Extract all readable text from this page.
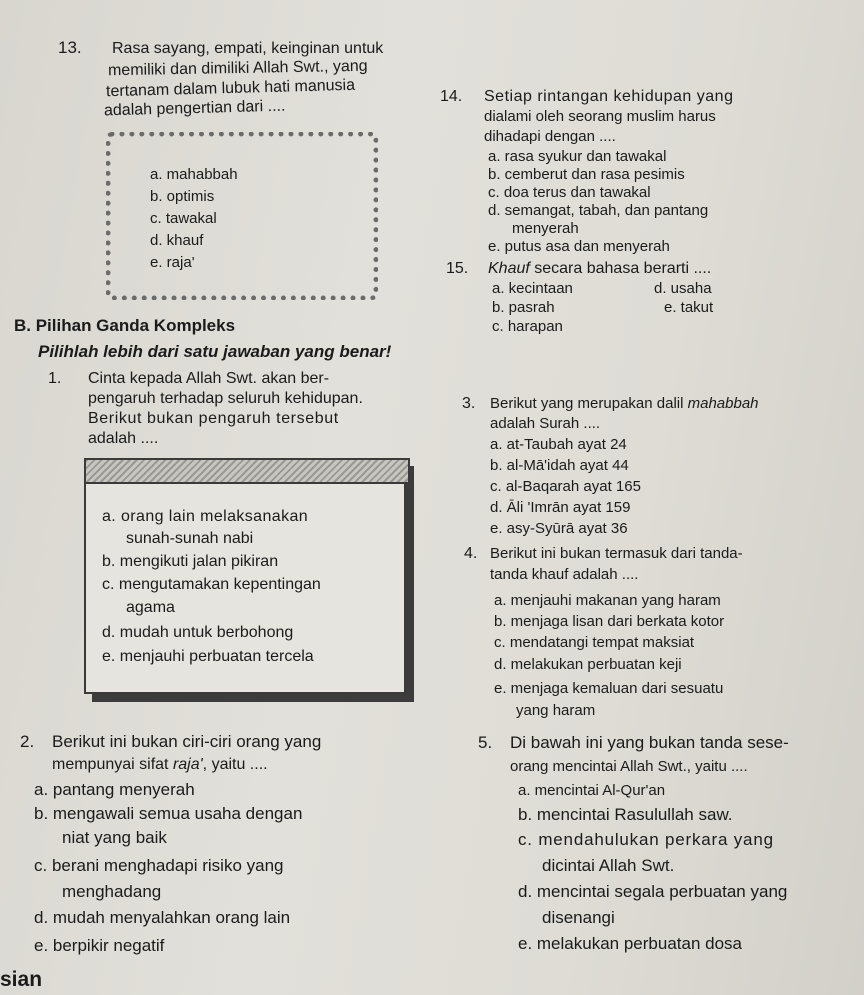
13. Rasa sayang, empati, keinginan untuk
memiliki dan dimiliki Allah Swt., yang
tertanam dalam lubuk hati manusia
adalah pengertian dari ....
a. mahabbah
b. optimis
c. tawakal
d. khauf
e. raja'
14. Setiap rintangan kehidupan yang
dialami oleh seorang muslim harus
dihadapi dengan ....
a. rasa syukur dan tawakal
b. cemberut dan rasa pesimis
c. doa terus dan tawakal
d. semangat, tabah, dan pantang
menyerah
e. putus asa dan menyerah
15. Khauf secara bahasa berarti ....
a. kecintaan	d. usaha
b. pasrah	e. takut
c. harapan
B. Pilihan Ganda Kompleks
Pilihlah lebih dari satu jawaban yang benar!
1. Cinta kepada Allah Swt. akan ber-
pengaruh terhadap seluruh kehidupan.
Berikut bukan pengaruh tersebut
adalah ....
a. orang lain melaksanakan
sunah-sunah nabi
b. mengikuti jalan pikiran
c. mengutamakan kepentingan
agama
d. mudah untuk berbohong
e. menjauhi perbuatan tercela
3. Berikut yang merupakan dalil mahabbah
adalah Surah ....
a. at-Taubah ayat 24
b. al-Mā'idah ayat 44
c. al-Baqarah ayat 165
d. Āli 'Imrān ayat 159
e. asy-Syūrā ayat 36
4. Berikut ini bukan termasuk dari tanda-
tanda khauf adalah ....
a. menjauhi makanan yang haram
b. menjaga lisan dari berkata kotor
c. mendatangi tempat maksiat
d. melakukan perbuatan keji
e. menjaga kemaluan dari sesuatu
yang haram
2. Berikut ini bukan ciri-ciri orang yang
mempunyai sifat raja', yaitu ....
a. pantang menyerah
b. mengawali semua usaha dengan
niat yang baik
c. berani menghadapi risiko yang
menghadang
d. mudah menyalahkan orang lain
e. berpikir negatif
5. Di bawah ini yang bukan tanda sese-
orang mencintai Allah Swt., yaitu ....
a. mencintai Al-Qur'an
b. mencintai Rasulullah saw.
c. mendahulukan perkara yang
dicintai Allah Swt.
d. mencintai segala perbuatan yang
disenangi
e. melakukan perbuatan dosa
sian
